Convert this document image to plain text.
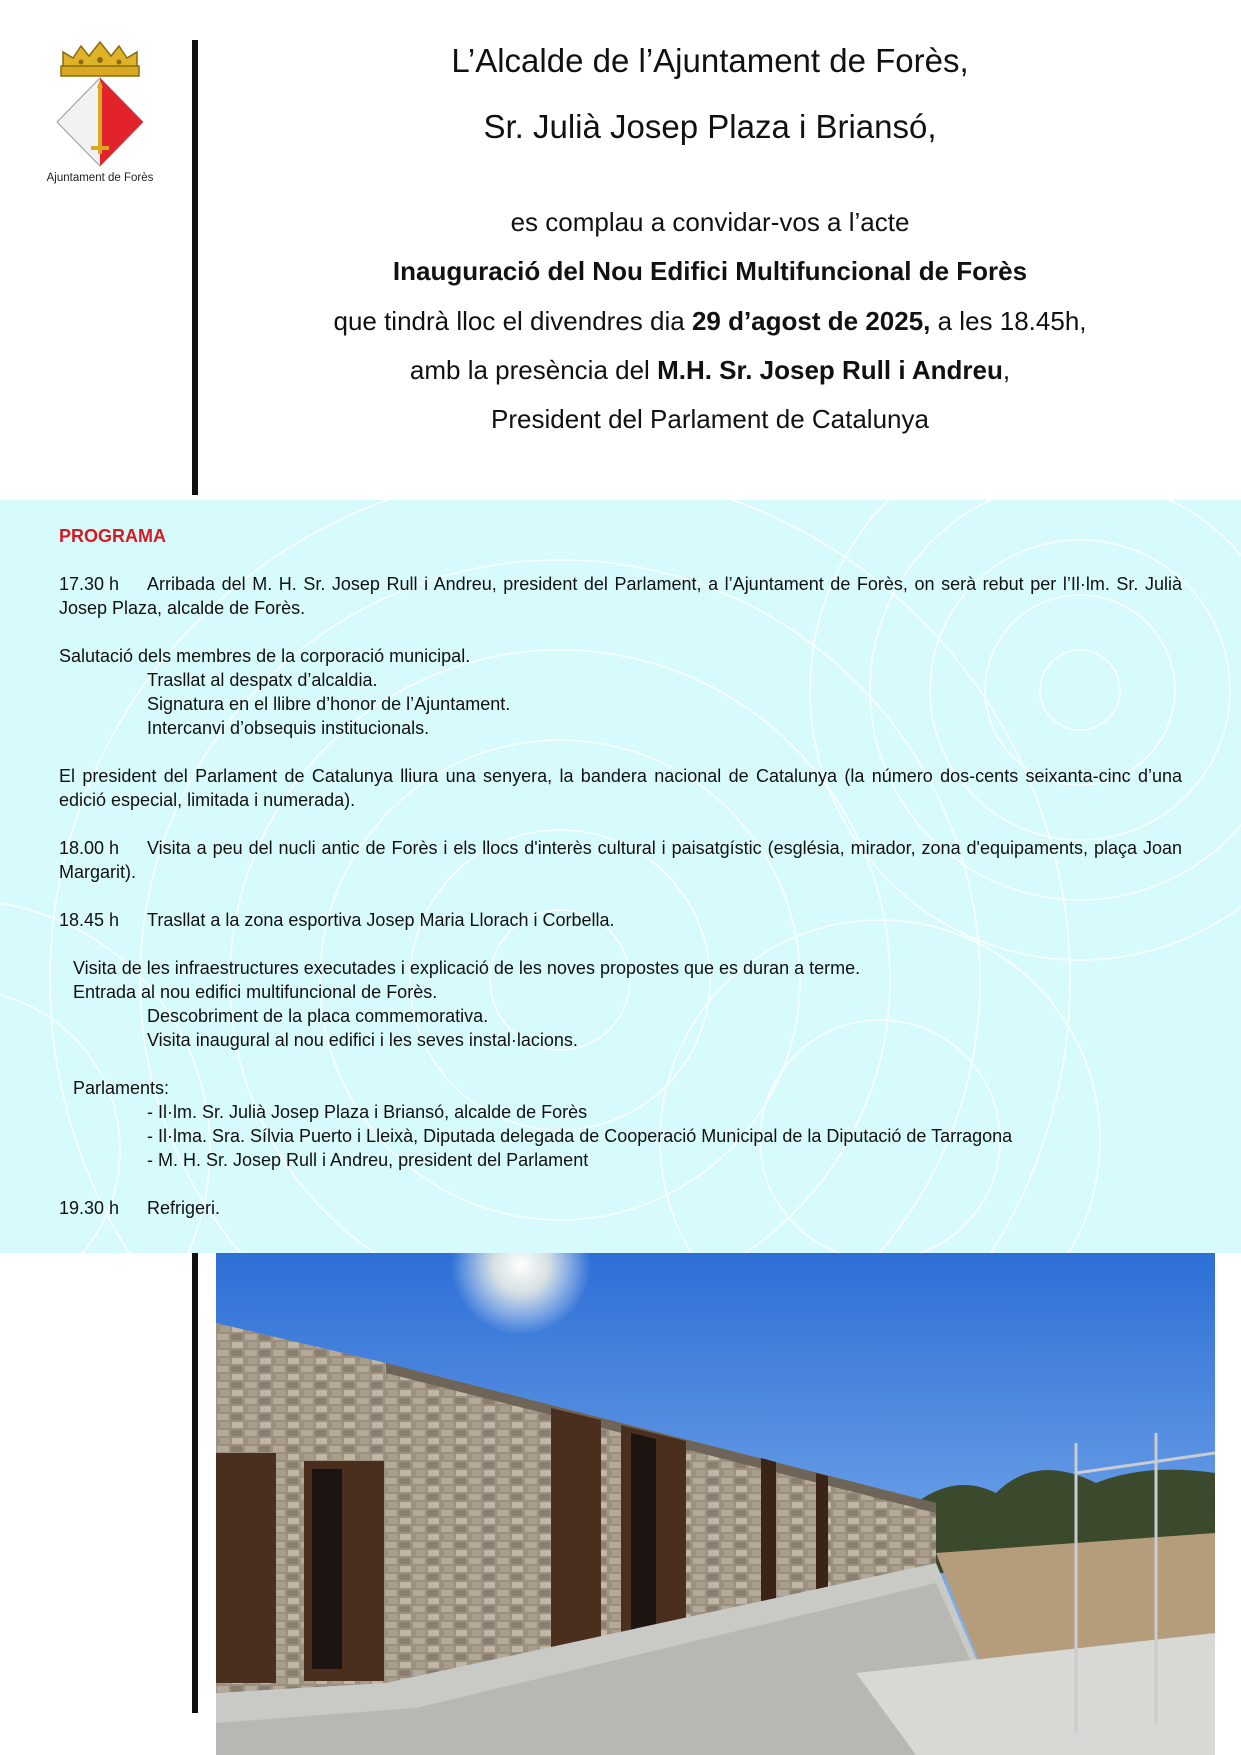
Ajuntament de Forès
L’Alcalde de l’Ajuntament de Forès,
Sr. Julià Josep Plaza i Briansó,
es complau a convidar-vos a l’acte
Inauguració del Nou Edifici Multifuncional de Forès
que tindrà lloc el divendres dia 29 d’agost de 2025, a les 18.45h,
amb la presència del M.H. Sr. Josep Rull i Andreu,
President del Parlament de Catalunya
PROGRAMA
17.30 h Arribada del M. H. Sr. Josep Rull i Andreu, president del Parlament, a l’Ajuntament de Forès, on serà rebut per l’Il·lm. Sr. Julià Josep Plaza, alcalde de Forès.
Salutació dels membres de la corporació municipal.
Trasllat al despatx d’alcaldia.
Signatura en el llibre d’honor de l’Ajuntament.
Intercanvi d’obsequis institucionals.
El president del Parlament de Catalunya lliura una senyera, la bandera nacional de Catalunya (la número dos-cents seixanta-cinc d’una edició especial, limitada i numerada).
18.00 h Visita a peu del nucli antic de Forès i els llocs d'interès cultural i paisatgístic (església, mirador, zona d'equipaments, plaça Joan Margarit).
18.45 h Trasllat a la zona esportiva Josep Maria Llorach i Corbella.
Visita de les infraestructures executades i explicació de les noves propostes que es duran a terme.
Entrada al nou edifici multifuncional de Forès.
Descobriment de la placa commemorativa.
Visita inaugural al nou edifici i les seves instal·lacions.
Parlaments:
- Il·lm. Sr. Julià Josep Plaza i Briansó, alcalde de Forès
- Il·lma. Sra. Sílvia Puerto i Lleixà, Diputada delegada de Cooperació Municipal de la Diputació de Tarragona
- M. H. Sr. Josep Rull i Andreu, president del Parlament
19.30 h Refrigeri.
